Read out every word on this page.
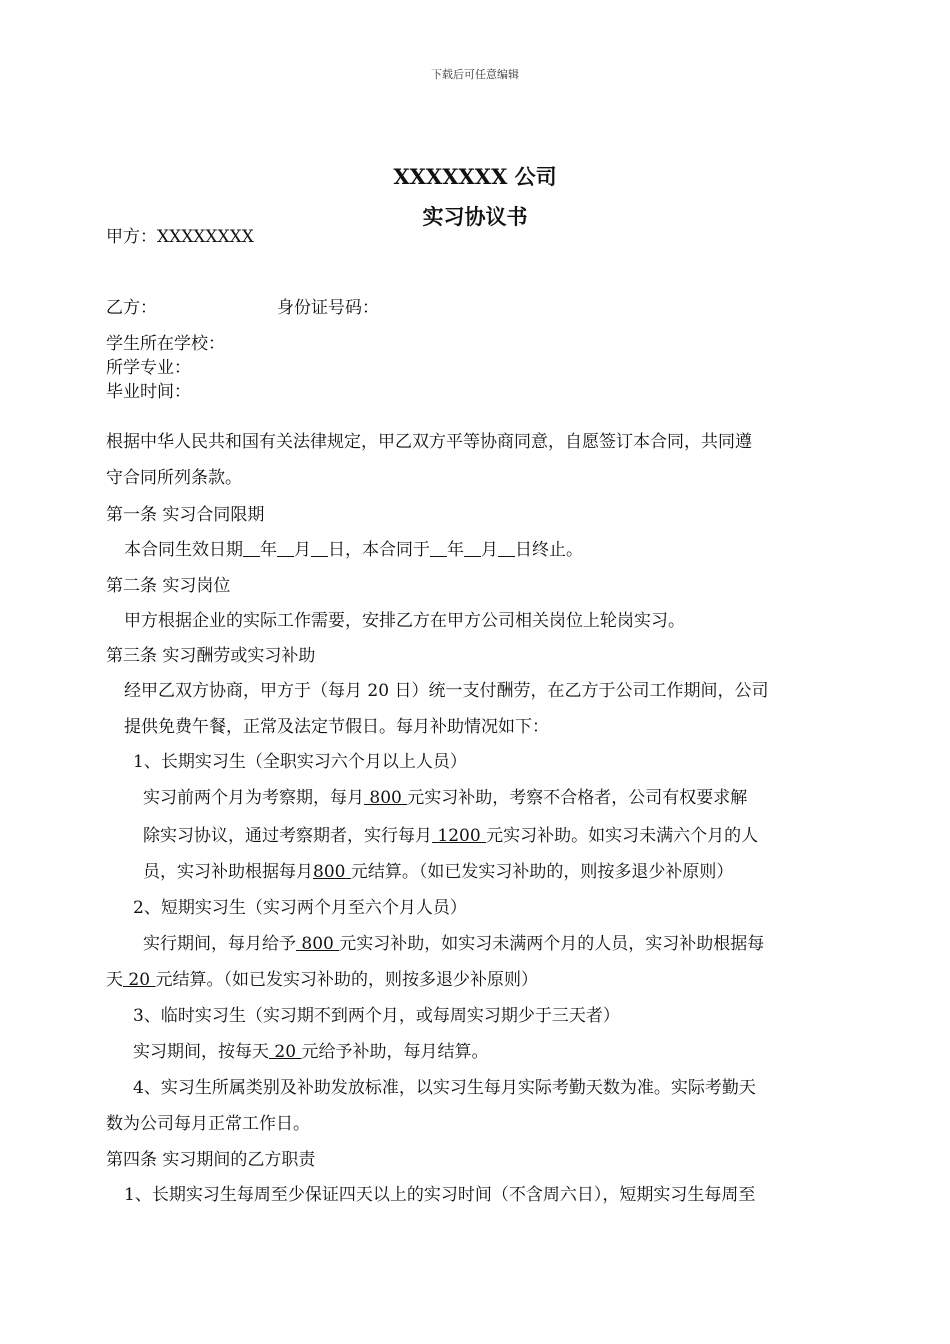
下载后可任意编辑
XXXXXXX 公司
实习协议书
甲方：XXXXXXXX
乙方：	身份证号码：
学生所在学校：
所学专业：
毕业时间：
根据中华人民共和国有关法律规定，甲乙双方平等协商同意，自愿签订本合同，共同遵
守合同所列条款。
第一条 实习合同限期
本合同生效日期　 年　 月　 日，本合同于　 年　 月　 日终止。
第二条 实习岗位
甲方根据企业的实际工作需要，安排乙方在甲方公司相关岗位上轮岗实习。
第三条 实习酬劳或实习补助
经甲乙双方协商，甲方于（每月 20 日）统一支付酬劳，在乙方于公司工作期间，公司
提供免费午餐，正常及法定节假日。每月补助情况如下：
1、长期实习生（全职实习六个月以上人员）
实习前两个月为考察期，每月 800 元实习补助，考察不合格者，公司有权要求解
除实习协议，通过考察期者，实行每月 1200 元实习补助。如实习未满六个月的人
员，实习补助根据每月800 元结算。（如已发实习补助的，则按多退少补原则）
2、短期实习生（实习两个月至六个月人员）
实行期间，每月给予 800 元实习补助，如实习未满两个月的人员，实习补助根据每
天 20 元结算。（如已发实习补助的，则按多退少补原则）
3、临时实习生（实习期不到两个月，或每周实习期少于三天者）
实习期间，按每天 20 元给予补助，每月结算。
4、实习生所属类别及补助发放标准，以实习生每月实际考勤天数为准。实际考勤天
数为公司每月正常工作日。
第四条 实习期间的乙方职责
1、长期实习生每周至少保证四天以上的实习时间（不含周六日），短期实习生每周至
